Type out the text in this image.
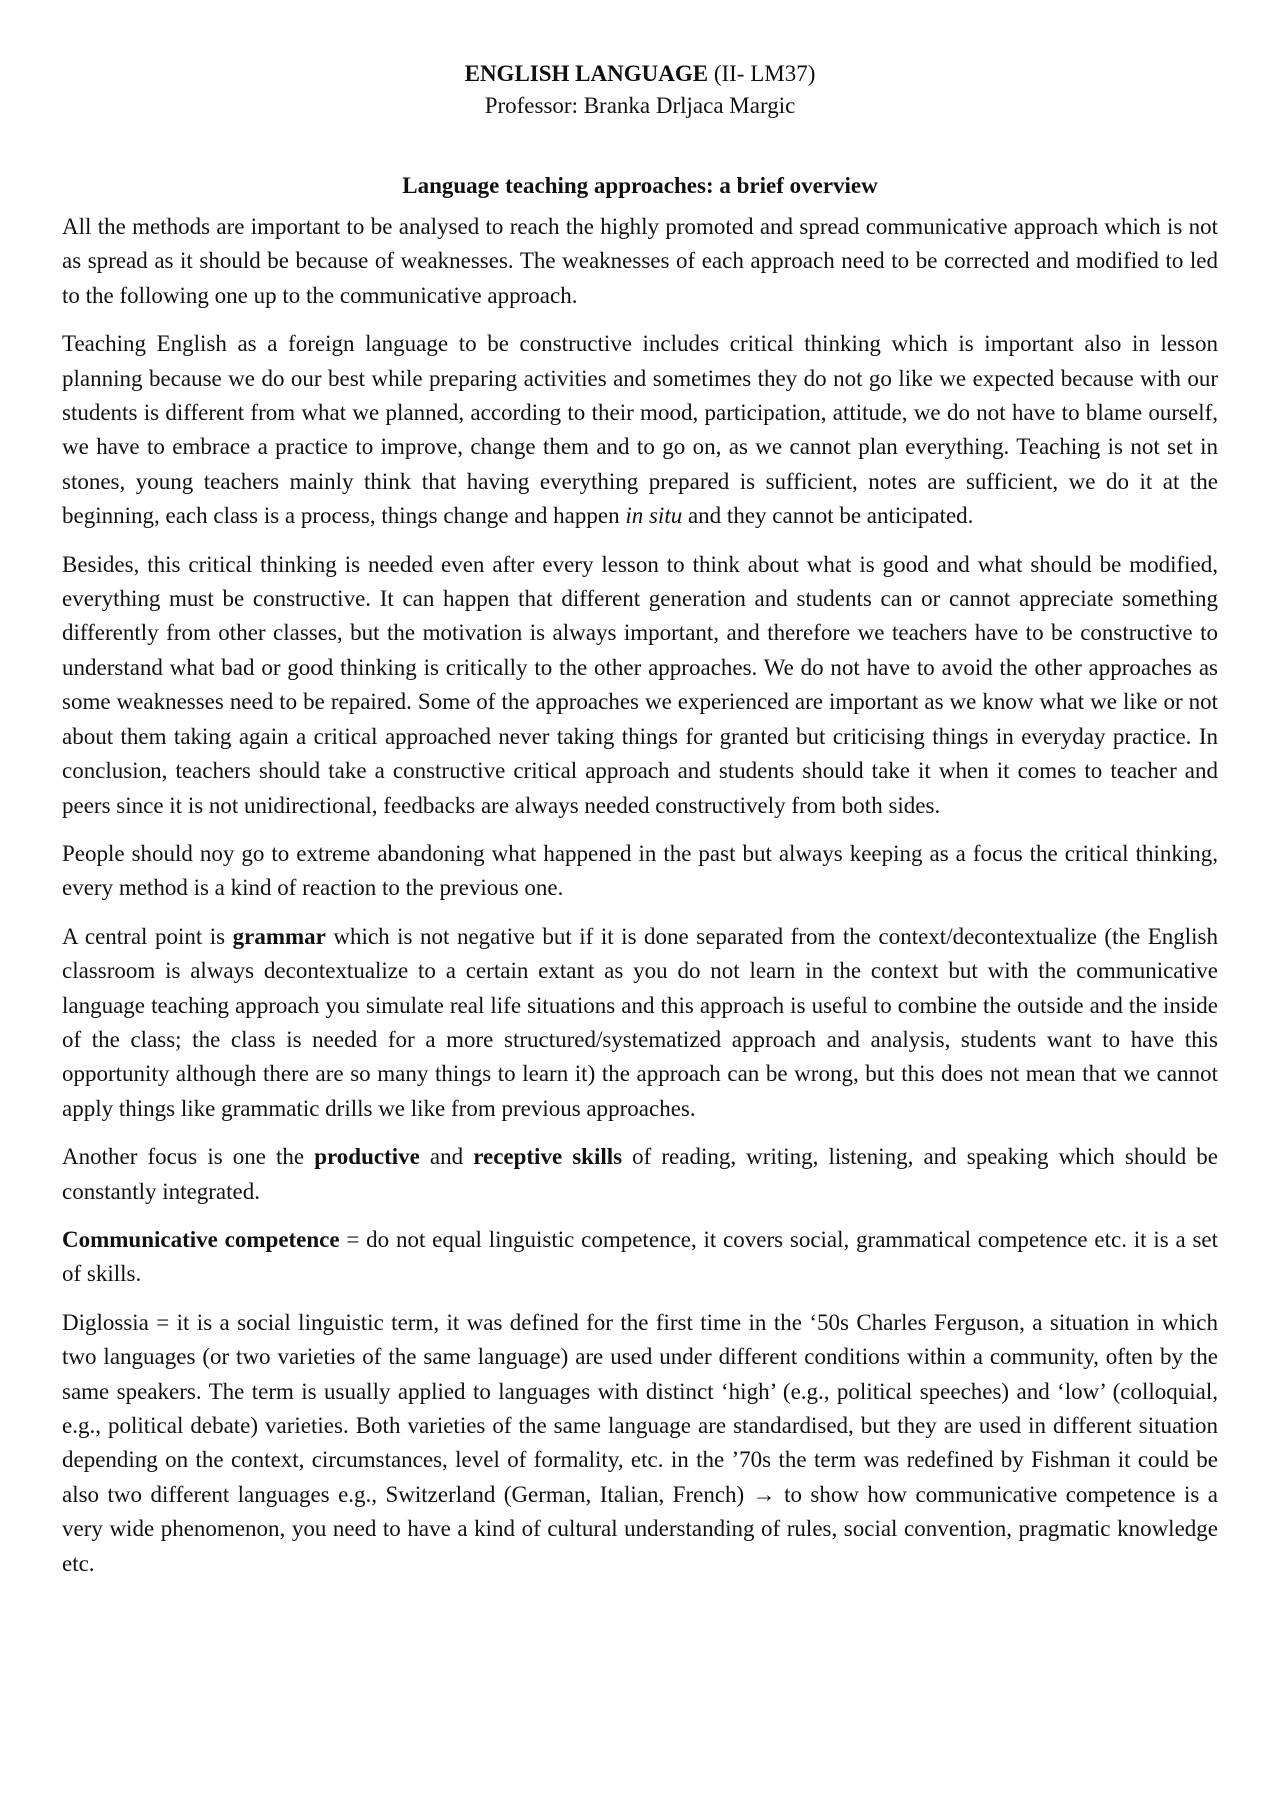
ENGLISH LANGUAGE (II- LM37)
Professor: Branka Drljaca Margic
Language teaching approaches: a brief overview

All the methods are important to be analysed to reach the highly promoted and spread communicative approach which is not as spread as it should be because of weaknesses. The weaknesses of each approach need to be corrected and modified to led to the following one up to the communicative approach.

Teaching English as a foreign language to be constructive includes critical thinking which is important also in lesson planning because we do our best while preparing activities and sometimes they do not go like we expected because with our students is different from what we planned, according to their mood, participation, attitude, we do not have to blame ourself, we have to embrace a practice to improve, change them and to go on, as we cannot plan everything. Teaching is not set in stones, young teachers mainly think that having everything prepared is sufficient, notes are sufficient, we do it at the beginning, each class is a process, things change and happen in situ and they cannot be anticipated.

Besides, this critical thinking is needed even after every lesson to think about what is good and what should be modified, everything must be constructive. It can happen that different generation and students can or cannot appreciate something differently from other classes, but the motivation is always important, and therefore we teachers have to be constructive to understand what bad or good thinking is critically to the other approaches. We do not have to avoid the other approaches as some weaknesses need to be repaired. Some of the approaches we experienced are important as we know what we like or not about them taking again a critical approached never taking things for granted but criticising things in everyday practice. In conclusion, teachers should take a constructive critical approach and students should take it when it comes to teacher and peers since it is not unidirectional, feedbacks are always needed constructively from both sides.

People should noy go to extreme abandoning what happened in the past but always keeping as a focus the critical thinking, every method is a kind of reaction to the previous one.

A central point is grammar which is not negative but if it is done separated from the context/decontextualize (the English classroom is always decontextualize to a certain extant as you do not learn in the context but with the communicative language teaching approach you simulate real life situations and this approach is useful to combine the outside and the inside of the class; the class is needed for a more structured/systematized approach and analysis, students want to have this opportunity although there are so many things to learn it) the approach can be wrong, but this does not mean that we cannot apply things like grammatic drills we like from previous approaches.

Another focus is one the productive and receptive skills of reading, writing, listening, and speaking which should be constantly integrated.

Communicative competence = do not equal linguistic competence, it covers social, grammatical competence etc. it is a set of skills.

Diglossia = it is a social linguistic term, it was defined for the first time in the ‘50s Charles Ferguson, a situation in which two languages (or two varieties of the same language) are used under different conditions within a community, often by the same speakers. The term is usually applied to languages with distinct ‘high’ (e.g., political speeches) and ‘low’ (colloquial, e.g., political debate) varieties. Both varieties of the same language are standardised, but they are used in different situation depending on the context, circumstances, level of formality, etc. in the ’70s the term was redefined by Fishman it could be also two different languages e.g., Switzerland (German, Italian, French) → to show how communicative competence is a very wide phenomenon, you need to have a kind of cultural understanding of rules, social convention, pragmatic knowledge etc.
